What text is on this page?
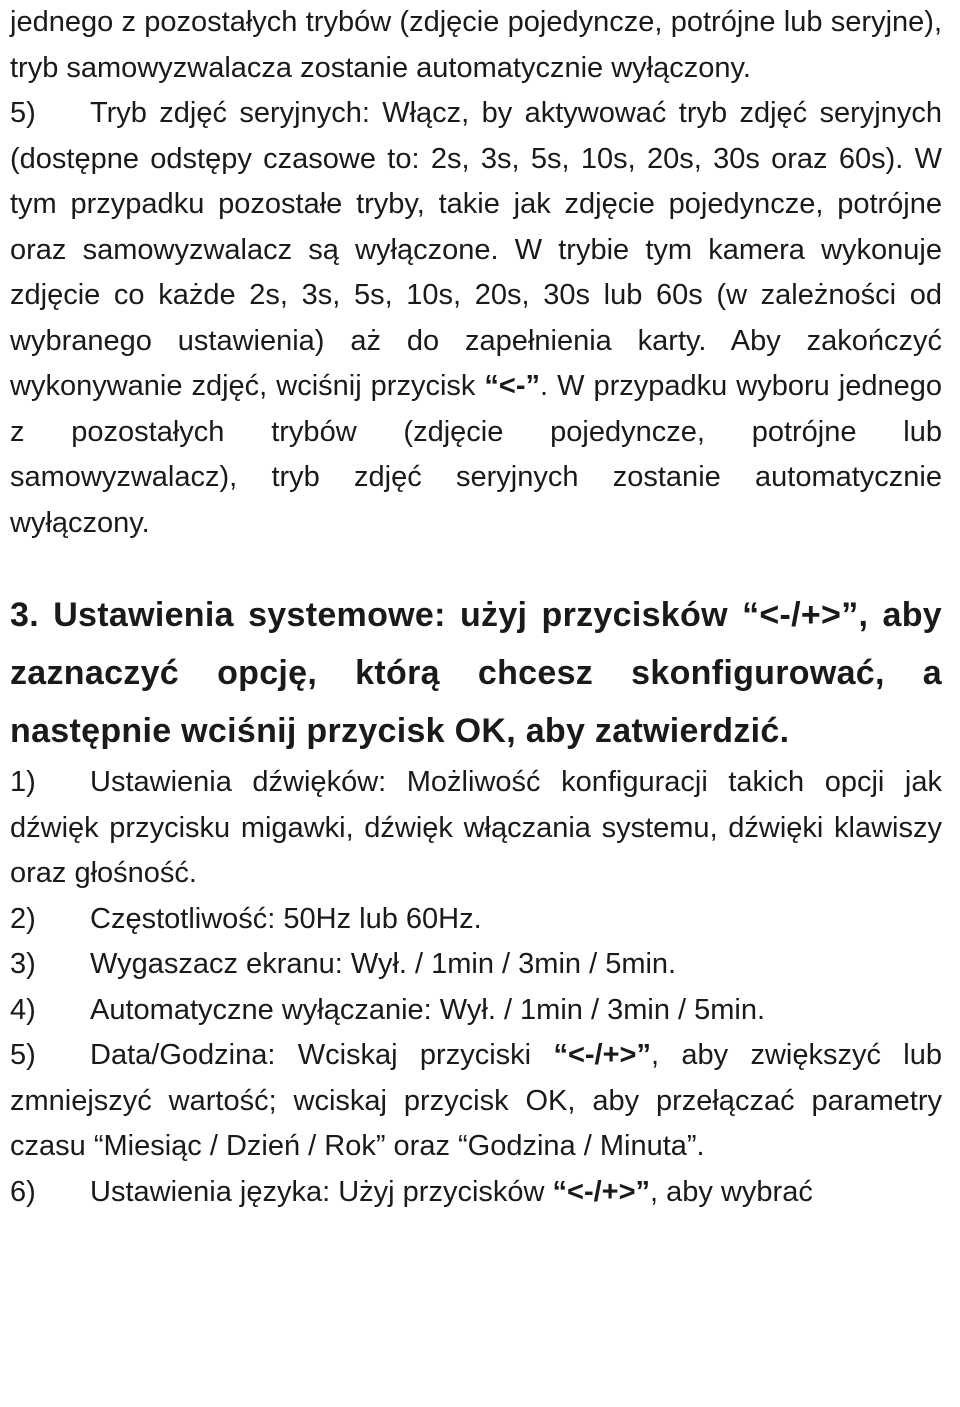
jednego z pozostałych trybów (zdjęcie pojedyncze, potrójne lub seryjne), tryb samowyzwalacza zostanie automatycznie wyłączony.

5) Tryb zdjęć seryjnych: Włącz, by aktywować tryb zdjęć seryjnych (dostępne odstępy czasowe to: 2s, 3s, 5s, 10s, 20s, 30s oraz 60s). W tym przypadku pozostałe tryby, takie jak zdjęcie pojedyncze, potrójne oraz samowyzwalacz są wyłączone. W trybie tym kamera wykonuje zdjęcie co każde 2s, 3s, 5s, 10s, 20s, 30s lub 60s (w zależności od wybranego ustawienia) aż do zapełnienia karty. Aby zakończyć wykonywanie zdjęć, wciśnij przycisk “<-”. W przypadku wyboru jednego z pozostałych trybów (zdjęcie pojedyncze, potrójne lub samowyzwalacz), tryb zdjęć seryjnych zostanie automatycznie wyłączony.

3. Ustawienia systemowe: użyj przycisków “<-/+>”, aby zaznaczyć opcję, którą chcesz skonfigurować, a następnie wciśnij przycisk OK, aby zatwierdzić.

1) Ustawienia dźwięków: Możliwość konfiguracji takich opcji jak dźwięk przycisku migawki, dźwięk włączania systemu, dźwięki klawiszy oraz głośność.

2) Częstotliwość: 50Hz lub 60Hz.

3) Wygaszacz ekranu: Wył. / 1min / 3min / 5min.

4) Automatyczne wyłączanie: Wył. / 1min / 3min / 5min.

5) Data/Godzina: Wciskaj przyciski “<-/+>”, aby zwiększyć lub zmniejszyć wartość; wciskaj przycisk OK, aby przełączać parametry czasu “Miesiąc / Dzień / Rok” oraz “Godzina / Minuta”.

6) Ustawienia języka: Użyj przycisków “<-/+>”, aby wybrać
